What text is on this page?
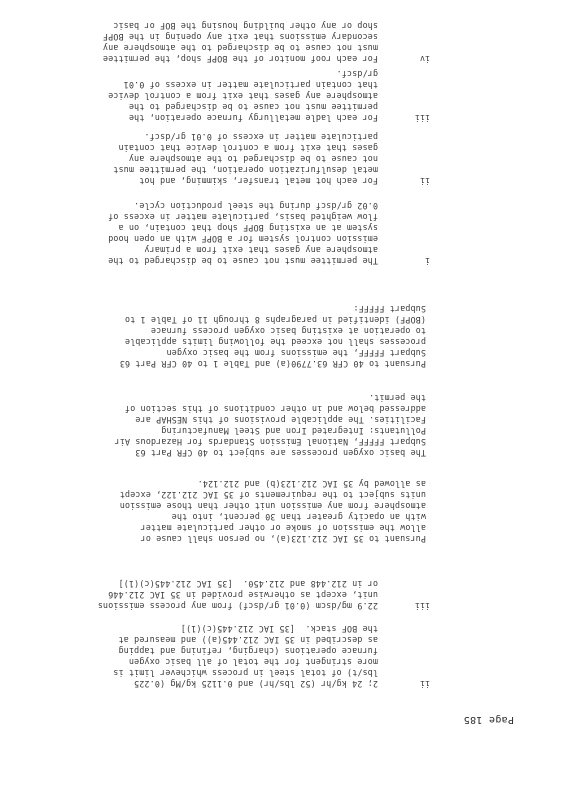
Page 185
ii
2; 24 kg/hr (52 lbs/hr) and 0.1125 kg/Mg (0.225
lbs/t) of total steel in process whichever limit is
more stringent for the total of all basic oxygen
furnace operations (charging, refining and tapping
as described in 35 IAC 212.445(a)) and measured at
the BOF stack.  [35 IAC 212.445(c)(1)]
iii
22.9 mg/dscm (0.01 gr/dscf) from any process emissions
unit, except as otherwise provided in 35 IAC 212.446
or in 212.448 and 212.450.  [35 IAC 212.445(c)(1)]
Pursuant to 35 IAC 212.123(a), no person shall cause or
allow the emission of smoke or other particulate matter
with an opacity greater than 30 percent, into the
atmosphere from any emission unit other than those emission
units subject to the requirements of 35 IAC 212.122, except
as allowed by 35 IAC 212.123(b) and 212.124.
The basic oxygen processes are subject to 40 CFR Part 63
Subpart FFFFF, National Emission Standards for Hazardous Air
Pollutants: Integrated Iron and Steel Manufacturing
Facilities. The applicable provisions of this NESHAP are
addressed below and in other conditions of this section of
the permit.
Pursuant to 40 CFR 63.7790(a) and Table 1 to 40 CFR Part 63
Subpart FFFFF, the emissions from the basic oxygen
processes shall not exceed the following limits applicable
to operation at existing basic oxygen process furnace
(BOPF) identified in paragraphs 8 through 11 of Table 1 to
Subpart FFFFF:
i
The permittee must not cause to be discharged to the
atmosphere any gases that exit from a primary
emission control system for a BOPF with an open hood
system at an existing BOPF shop that contain, on a
flow weighted basis, particulate matter in excess of
0.02 gr/dscf during the steel production cycle.
ii
For each hot metal transfer, skimming, and hot
metal desulfurization operation, the permittee must
not cause to be discharged to the atmosphere any
gases that exit from a control device that contain
particulate matter in excess of 0.01 gr/dscf.
iii
For each ladle metallurgy furnace operation, the
permittee must not cause to be discharged to the
atmosphere any gases that exit from a control device
that contain particulate matter in excess of 0.01
gr/dscf.
iv
For each roof monitor of the BOPF shop, the permittee
must not cause to be discharged to the atmosphere any
secondary emissions that exit any opening in the BOPF
shop or any other building housing the BOF or basic
